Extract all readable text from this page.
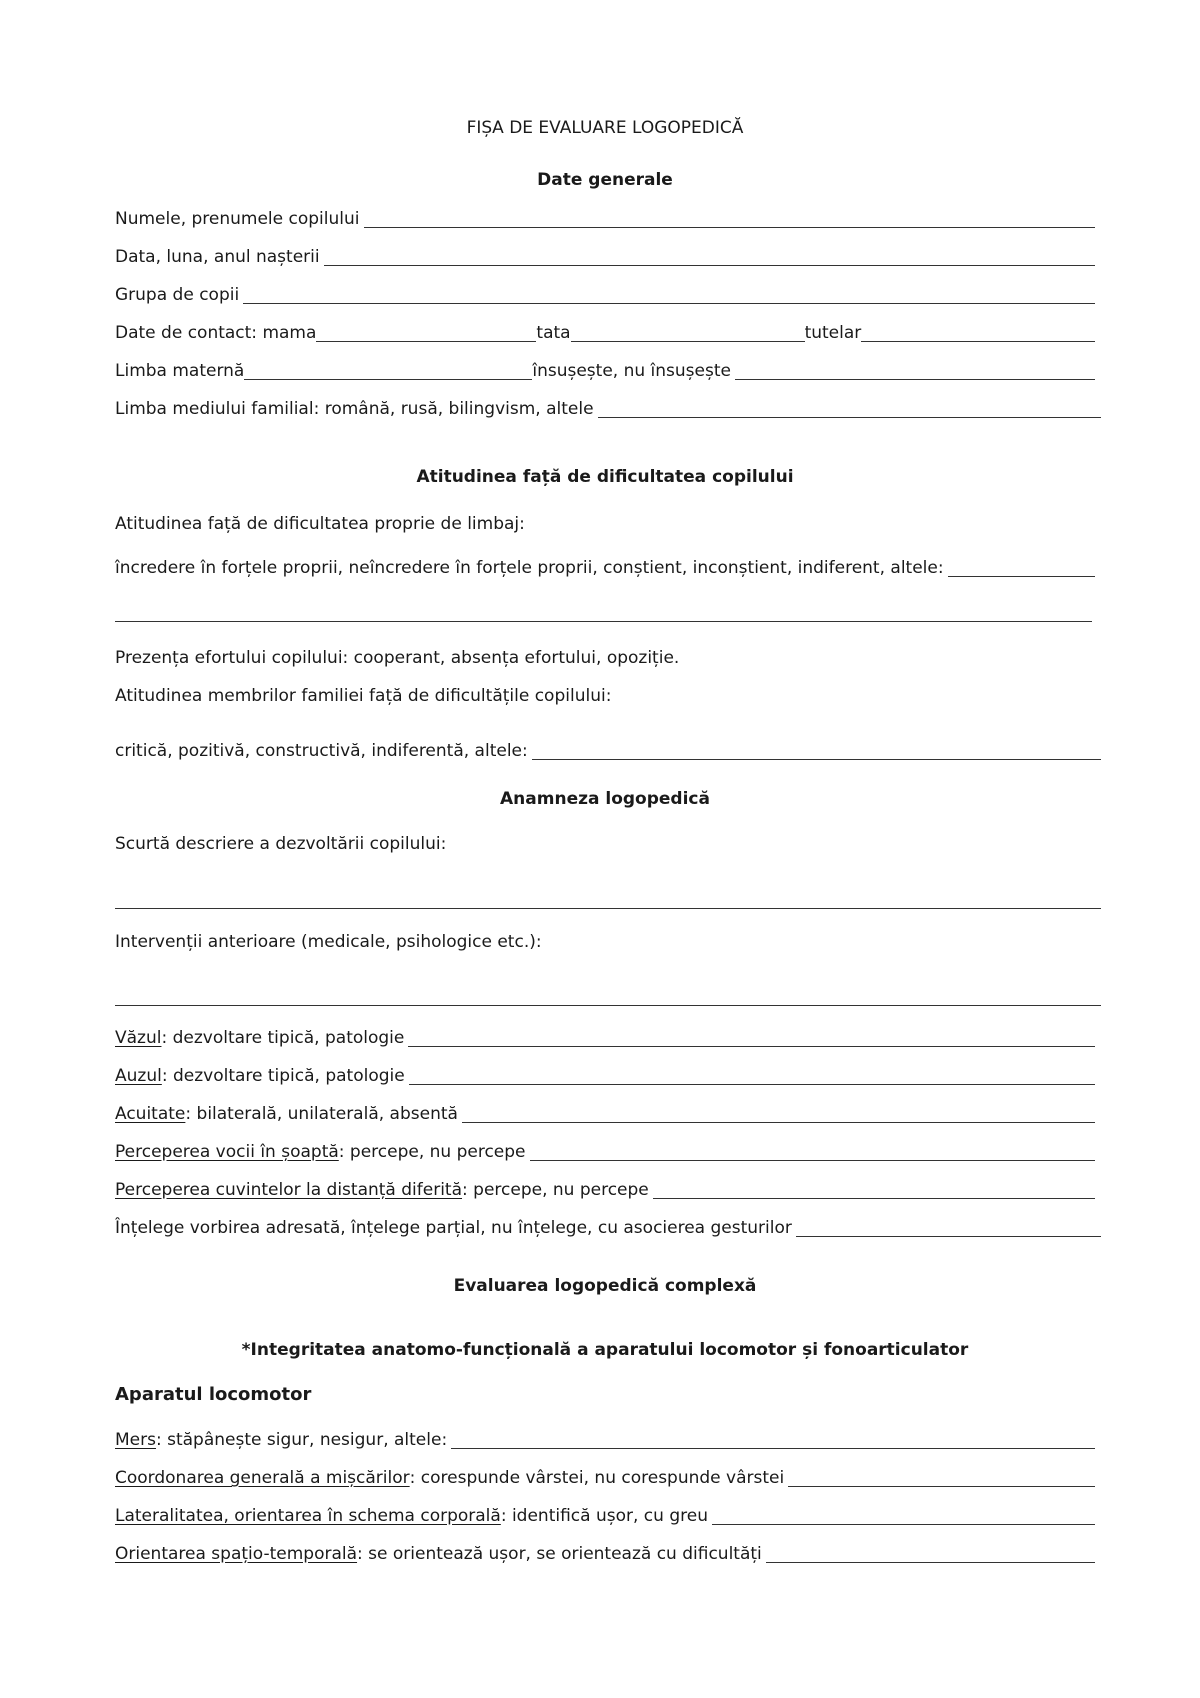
FIȘA DE EVALUARE LOGOPEDICĂ
Date generale
Numele, prenumele copilului
Data, luna, anul nașterii
Grupa de copii
Date de contact: mama	tata	tutelar
Limba maternă	însușește, nu însușește
Limba mediului familial: română, rusă, bilingvism, altele
Atitudinea față de dificultatea copilului
Atitudinea față de dificultatea proprie de limbaj:
încredere în forțele proprii, neîncredere în forțele proprii, conștient, inconștient, indiferent, altele:
Prezența efortului copilului: cooperant, absența efortului, opoziție.
Atitudinea membrilor familiei față de dificultățile copilului:
critică, pozitivă, constructivă, indiferentă, altele:
Anamneza logopedică
Scurtă descriere a dezvoltării copilului:
Intervenții anterioare (medicale, psihologice etc.):
Văzul : dezvoltare tipică, patologie
Auzul : dezvoltare tipică, patologie
Acuitate : bilaterală, unilaterală, absentă
Perceperea vocii în șoaptă : percepe, nu percepe
Perceperea cuvintelor la distanță diferită : percepe, nu percepe
Înțelege vorbirea adresată, înțelege parțial, nu înțelege, cu asocierea gesturilor
Evaluarea logopedică complexă
*Integritatea anatomo-funcțională a aparatului locomotor și fonoarticulator
Aparatul locomotor
Mers : stăpânește sigur, nesigur, altele:
Coordonarea generală a mișcărilor : corespunde vârstei, nu corespunde vârstei
Lateralitatea, orientarea în schema corporală : identifică ușor, cu greu
Orientarea spațio-temporală : se orientează ușor, se orientează cu dificultăți
